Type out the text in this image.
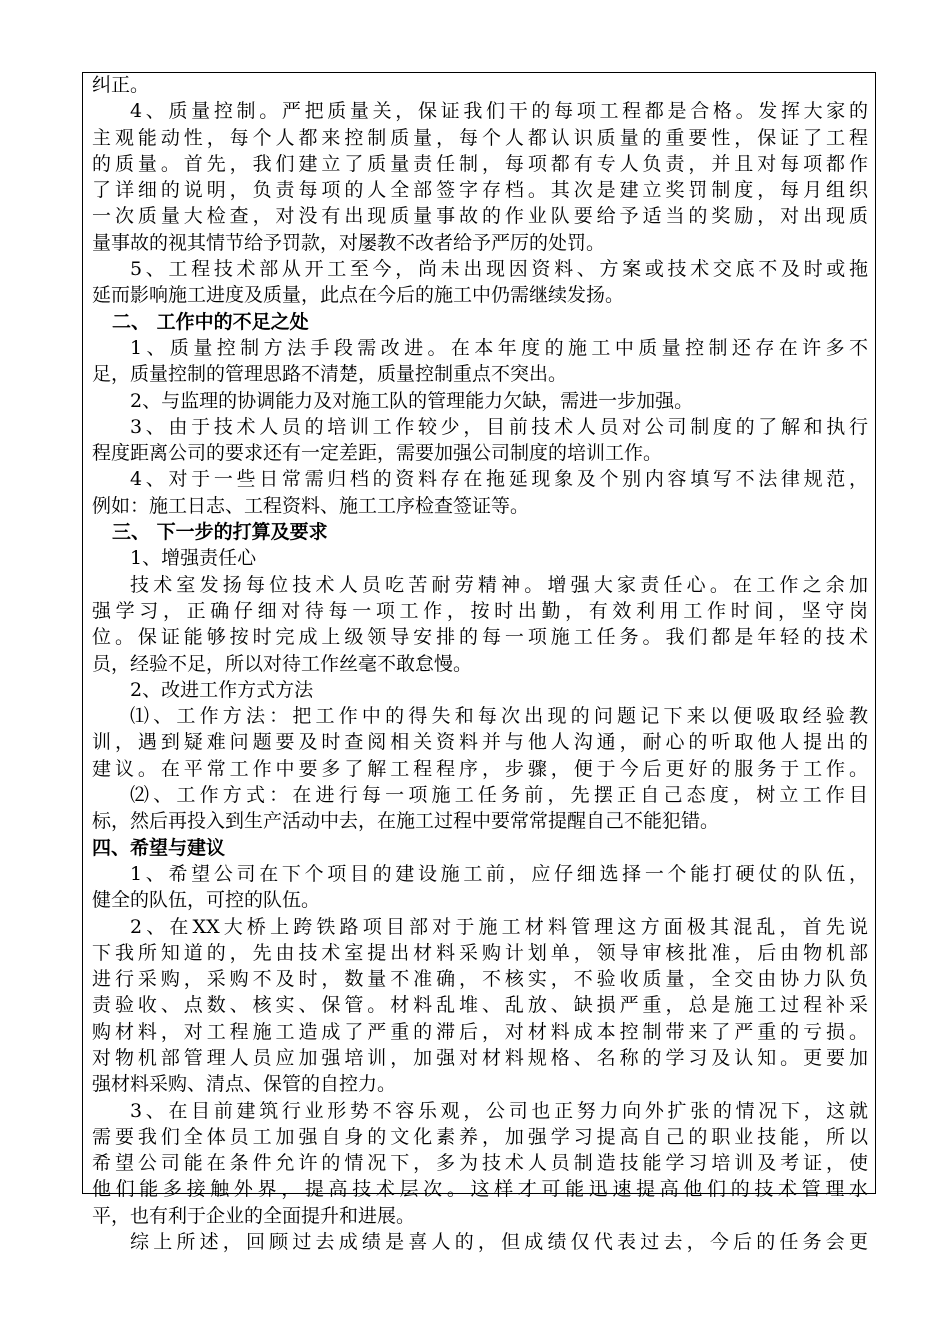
纠正。
4、质量控制。严把质量关，保证我们干的每项工程都是合格。发挥大家的
主观能动性，每个人都来控制质量，每个人都认识质量的重要性，保证了工程
的质量。首先，我们建立了质量责任制，每项都有专人负责，并且对每项都作
了详细的说明，负责每项的人全部签字存档。其次是建立奖罚制度，每月组织
一次质量大检查，对没有出现质量事故的作业队要给予适当的奖励，对出现质
量事故的视其情节给予罚款，对屡教不改者给予严厉的处罚。
5、工程技术部从开工至今，尚未出现因资料、方案或技术交底不及时或拖
延而影响施工进度及质量，此点在今后的施工中仍需继续发扬。
二、 工作中的不足之处
1、质量控制方法手段需改进。在本年度的施工中质量控制还存在许多不
足，质量控制的管理思路不清楚，质量控制重点不突出。
2、与监理的协调能力及对施工队的管理能力欠缺，需进一步加强。
3、由于技术人员的培训工作较少，目前技术人员对公司制度的了解和执行
程度距离公司的要求还有一定差距，需要加强公司制度的培训工作。
4、对于一些日常需归档的资料存在拖延现象及个别内容填写不法律规范，
例如：施工日志、工程资料、施工工序检查签证等。
三、 下一步的打算及要求
1、增强责任心
技术室发扬每位技术人员吃苦耐劳精神。增强大家责任心。在工作之余加
强学习，正确仔细对待每一项工作，按时出勤，有效利用工作时间，坚守岗
位。保证能够按时完成上级领导安排的每一项施工任务。我们都是年轻的技术
员，经验不足，所以对待工作丝毫不敢怠慢。
2、改进工作方式方法
⑴、工作方法：把工作中的得失和每次出现的问题记下来以便吸取经验教
训，遇到疑难问题要及时查阅相关资料并与他人沟通，耐心的听取他人提出的
建议。在平常工作中要多了解工程程序，步骤，便于今后更好的服务于工作。
⑵、工作方式：在进行每一项施工任务前，先摆正自己态度，树立工作目
标，然后再投入到生产活动中去，在施工过程中要常常提醒自己不能犯错。
四、希望与建议
1、希望公司在下个项目的建设施工前，应仔细选择一个能打硬仗的队伍，
健全的队伍，可控的队伍。
2、在XX大桥上跨铁路项目部对于施工材料管理这方面极其混乱，首先说
下我所知道的，先由技术室提出材料采购计划单，领导审核批准，后由物机部
进行采购，采购不及时，数量不准确，不核实，不验收质量，全交由协力队负
责验收、点数、核实、保管。材料乱堆、乱放、缺损严重，总是施工过程补采
购材料，对工程施工造成了严重的滞后，对材料成本控制带来了严重的亏损。
对物机部管理人员应加强培训，加强对材料规格、名称的学习及认知。更要加
强材料采购、清点、保管的自控力。
3、在目前建筑行业形势不容乐观，公司也正努力向外扩张的情况下，这就
需要我们全体员工加强自身的文化素养，加强学习提高自己的职业技能，所以
希望公司能在条件允许的情况下，多为技术人员制造技能学习培训及考证，使
他们能多接触外界，提高技术层次。这样才可能迅速提高他们的技术管理水
平，也有利于企业的全面提升和进展。
综上所述，回顾过去成绩是喜人的，但成绩仅代表过去，今后的任务会更
